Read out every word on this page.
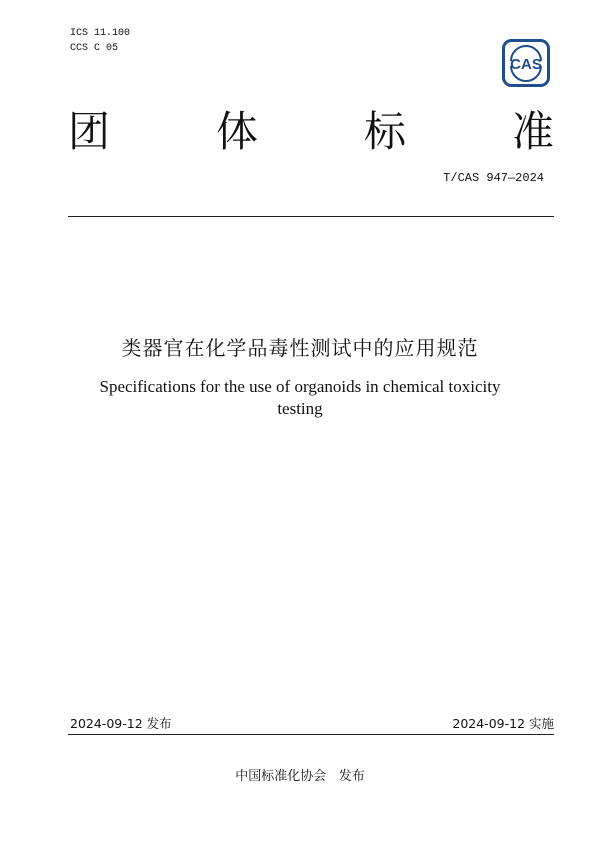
ICS 11.100
CCS C 05
CAS
团	体	标	准
T/CAS 947—2024
类器官在化学品毒性测试中的应用规范
Specifications for the use of organoids in chemical toxicity
testing
2024-09-12 发布	2024-09-12 实施
中国标准化协会   发布
